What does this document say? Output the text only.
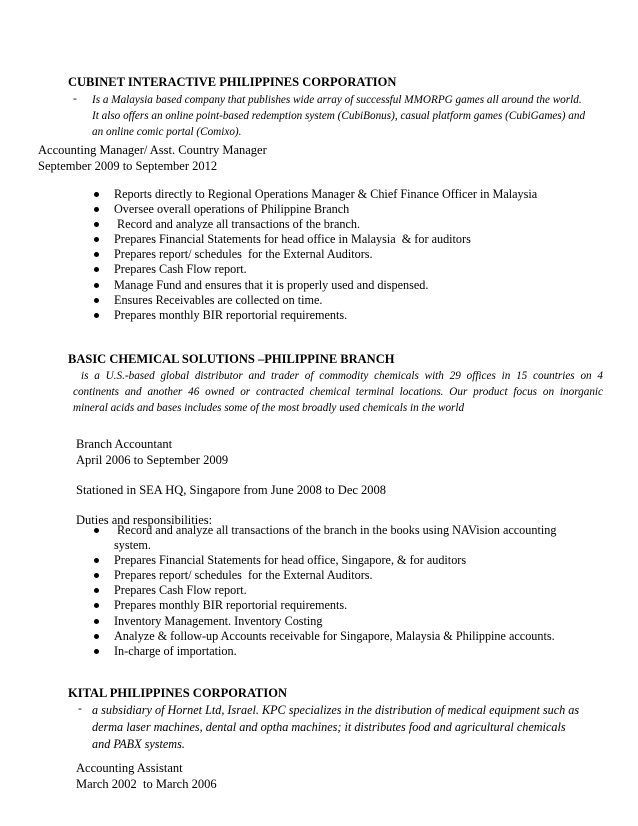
CUBINET INTERACTIVE PHILIPPINES CORPORATION
- Is a Malaysia based company that publishes wide array of successful MMORPG games all around the world.
It also offers an online point-based redemption system (CubiBonus), casual platform games (CubiGames) and
an online comic portal (Comixo).
Accounting Manager/ Asst. Country Manager
September 2009 to September 2012
Reports directly to Regional Operations Manager & Chief Finance Officer in Malaysia
Oversee overall operations of Philippine Branch
Record and analyze all transactions of the branch.
Prepares Financial Statements for head office in Malaysia  & for auditors
Prepares report/ schedules  for the External Auditors.
Prepares Cash Flow report.
Manage Fund and ensures that it is properly used and dispensed.
Ensures Receivables are collected on time.
Prepares monthly BIR reportorial requirements.
BASIC CHEMICAL SOLUTIONS –PHILIPPINE BRANCH
is a U.S.-based global distributor and trader of commodity chemicals with 29 offices in 15 countries on 4
continents and another 46 owned or contracted chemical terminal locations. Our product focus on inorganic
mineral acids and bases includes some of the most broadly used chemicals in the world
Branch Accountant
April 2006 to September 2009
Stationed in SEA HQ, Singapore from June 2008 to Dec 2008
Duties and responsibilities:
Record and analyze all transactions of the branch in the books using NAVision accounting
system.
Prepares Financial Statements for head office, Singapore, & for auditors
Prepares report/ schedules  for the External Auditors.
Prepares Cash Flow report.
Prepares monthly BIR reportorial requirements.
Inventory Management. Inventory Costing
Analyze & follow-up Accounts receivable for Singapore, Malaysia & Philippine accounts.
In-charge of importation.
KITAL PHILIPPINES CORPORATION
- a subsidiary of Hornet Ltd, Israel. KPC specializes in the distribution of medical equipment such as
derma laser machines, dental and optha machines; it distributes food and agricultural chemicals
and PABX systems.
Accounting Assistant
March 2002  to March 2006
